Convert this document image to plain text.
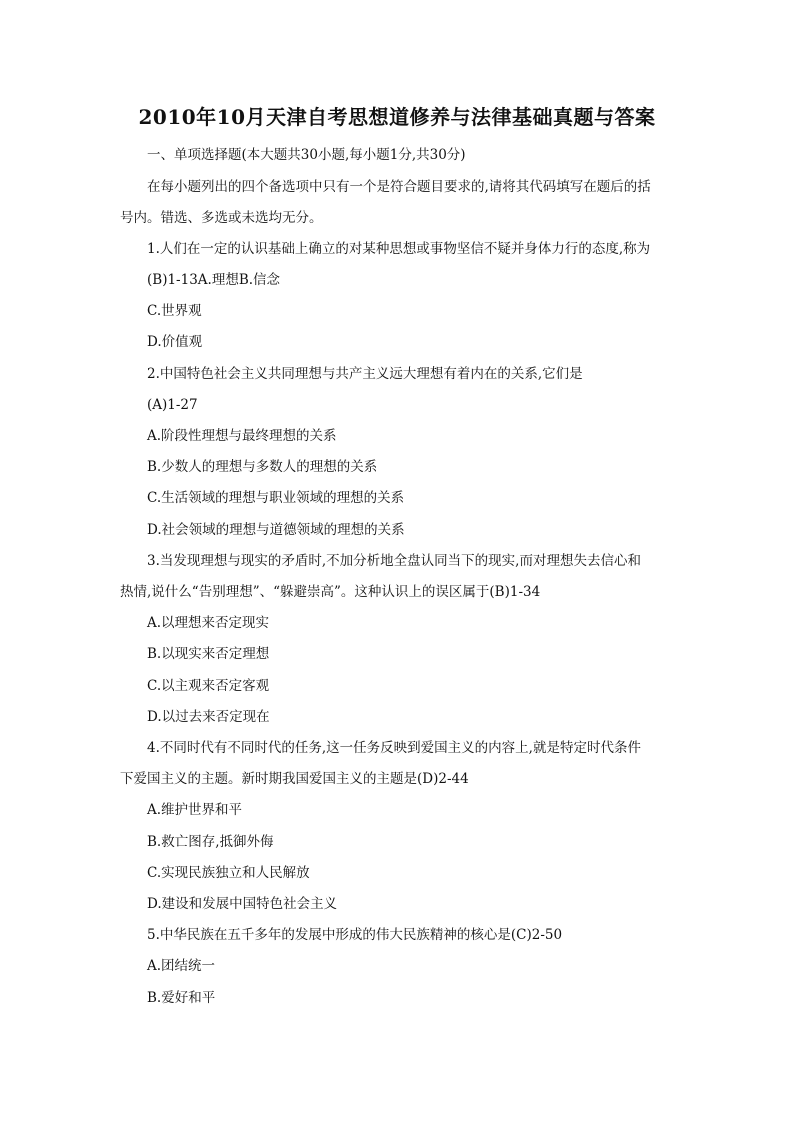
2010年10月天津自考思想道修养与法律基础真题与答案
一、单项选择题(本大题共30小题,每小题1分,共30分)
在每小题列出的四个备选项中只有一个是符合题目要求的,请将其代码填写在题后的括
号内。错选、多选或未选均无分。
1.人们在一定的认识基础上确立的对某种思想或事物坚信不疑并身体力行的态度,称为
(B)1-13A.理想B.信念
C.世界观
D.价值观
2.中国特色社会主义共同理想与共产主义远大理想有着内在的关系,它们是
(A)1-27
A.阶段性理想与最终理想的关系
B.少数人的理想与多数人的理想的关系
C.生活领域的理想与职业领域的理想的关系
D.社会领域的理想与道德领域的理想的关系
3.当发现理想与现实的矛盾时,不加分析地全盘认同当下的现实,而对理想失去信心和
热情,说什么“告别理想”、“躲避崇高”。这种认识上的误区属于(B)1-34
A.以理想来否定现实
B.以现实来否定理想
C.以主观来否定客观
D.以过去来否定现在
4.不同时代有不同时代的任务,这一任务反映到爱国主义的内容上,就是特定时代条件
下爱国主义的主题。新时期我国爱国主义的主题是(D)2-44
A.维护世界和平
B.救亡图存,抵御外侮
C.实现民族独立和人民解放
D.建设和发展中国特色社会主义
5.中华民族在五千多年的发展中形成的伟大民族精神的核心是(C)2-50
A.团结统一
B.爱好和平
